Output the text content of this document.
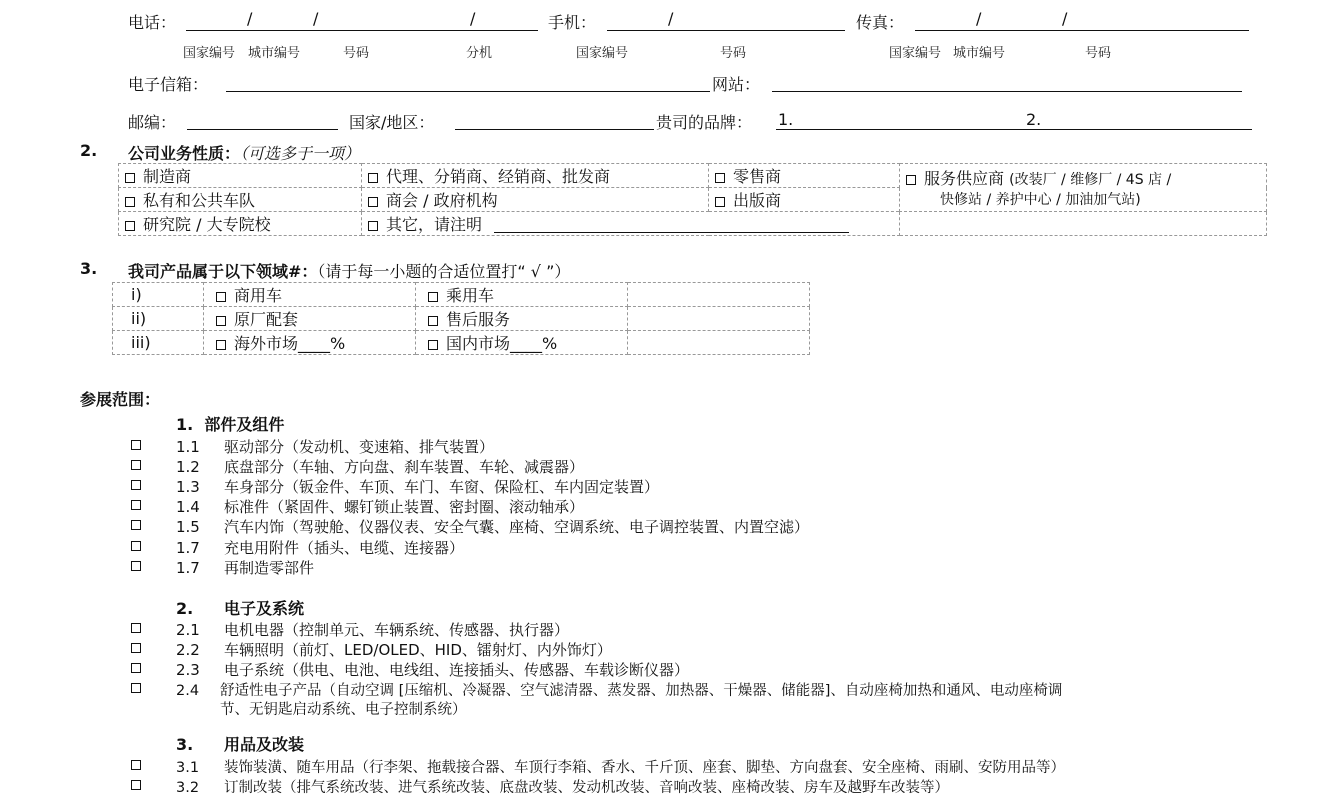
电话：	/	/	/	手机：	/	传真：	/	/
国家编号 城市编号	号码	分机	国家编号	号码	国家编号 城市编号	号码
电子信箱：	网站：
邮编：	国家/地区：	贵司的品牌： 1.	2.
2. 公司业务性质：（可选多于一项）
制造商	代理、分销商、经销商、批发商	零售商	服务供应商 (改装厂 / 维修厂 / 4S 店 /
快修站 / 养护中心 / 加油加气站)
私有和公共车队	商会 / 政府机构	出版商	
研究院 / 大专院校	其它，请注明		
3. 我司产品属于以下领域#：（请于每一小题的合适位置打“ √ ”）
i)	商用车	乘用车	
ii)	原厂配套	售后服务	
iii)	海外市场____%	国内市场____%	
参展范围：
1. 部件及组件
1.1 驱动部分（发动机、变速箱、排气装置）
1.2 底盘部分（车轴、方向盘、刹车装置、车轮、减震器）
1.3 车身部分（钣金件、车顶、车门、车窗、保险杠、车内固定装置）
1.4 标准件（紧固件、螺钉锁止装置、密封圈、滚动轴承）
1.5 汽车内饰（驾驶舱、仪器仪表、安全气囊、座椅、空调系统、电子调控装置、内置空滤）
1.7 充电用附件（插头、电缆、连接器）
1.7 再制造零部件
2. 电子及系统
2.1 电机电器（控制单元、车辆系统、传感器、执行器）
2.2 车辆照明（前灯、LED/OLED、HID、镭射灯、内外饰灯）
2.3 电子系统（供电、电池、电线组、连接插头、传感器、车载诊断仪器）
2.4 舒适性电子产品（自动空调 [压缩机、冷凝器、空气滤清器、蒸发器、加热器、干燥器、储能器]、自动座椅加热和通风、电动座椅调
节、无钥匙启动系统、电子控制系统）
3. 用品及改装
3.1 装饰装潢、随车用品（行李架、拖载接合器、车顶行李箱、香水、千斤顶、座套、脚垫、方向盘套、安全座椅、雨刷、安防用品等）
3.2 订制改装（排气系统改装、进气系统改装、底盘改装、发动机改装、音响改装、座椅改装、房车及越野车改装等）
